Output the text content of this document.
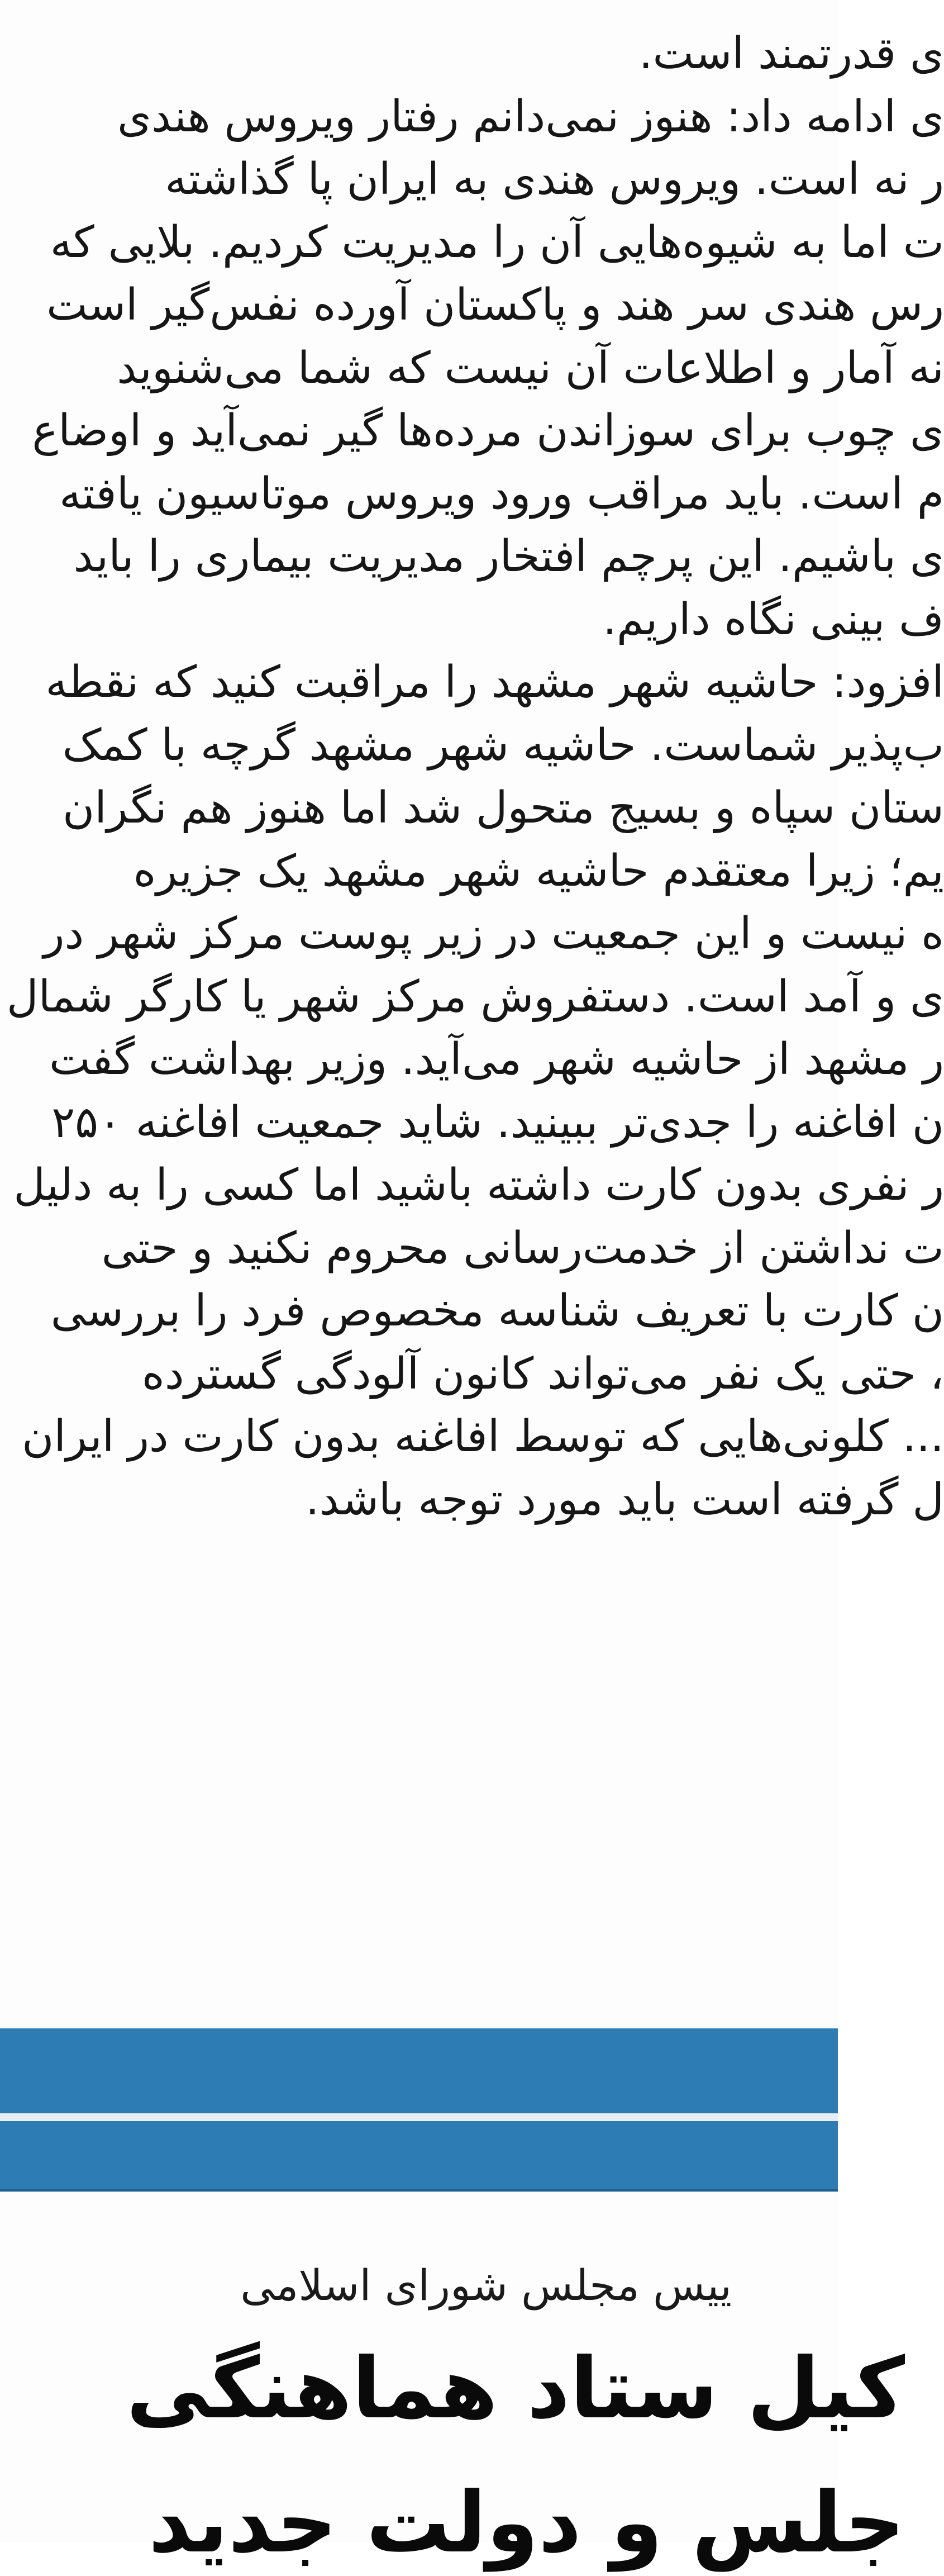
ی قدرتمند است.
ی ادامه داد: هنوز نمی‌دانم رفتار ویروس هندی
ر نه است. ویروس هندی به ایران پا گذاشته
ت اما به شیوه‌هایی آن را مدیریت کردیم. بلایی که
رس هندی سر هند و پاکستان آورده نفس‌گیر است
نه آمار و اطلاعات آن نیست که شما می‌شنوید
ی چوب برای سوزاندن مرده‌ها گیر نمی‌آید و اوضاع
م است. باید مراقب ورود ویروس موتاسیون یافته
ی باشیم. این پرچم افتخار مدیریت بیماری را باید
ف بینی نگاه داریم.
افزود: حاشیه شهر مشهد را مراقبت کنید که نقطه
ب‌پذیر شماست. حاشیه شهر مشهد گرچه با کمک
ستان سپاه و بسیج متحول شد اما هنوز هم نگران
یم؛ زیرا معتقدم حاشیه شهر مشهد یک جزیره
ه نیست و این جمعیت در زیر پوست مرکز شهر در
ی و آمد است. دستفروش مرکز شهر یا کارگر شمال
ر مشهد از حاشیه شهر می‌آید. وزیر بهداشت گفت
ن افاغنه را جدی‌تر ببینید. شاید جمعیت افاغنه ۲۵۰
ر نفری بدون کارت داشته باشید اما کسی را به دلیل
ت نداشتن از خدمت‌رسانی محروم نکنید و حتی
ن کارت با تعریف شناسه مخصوص فرد را بررسی
، حتی یک نفر می‌تواند کانون آلودگی گسترده
... کلونی‌هایی که توسط افاغنه بدون کارت در ایران
ل گرفته است باید مورد توجه باشد.
ییس مجلس شورای اسلامی
کیل ستاد هماهنگی
جلس و دولت جدید
